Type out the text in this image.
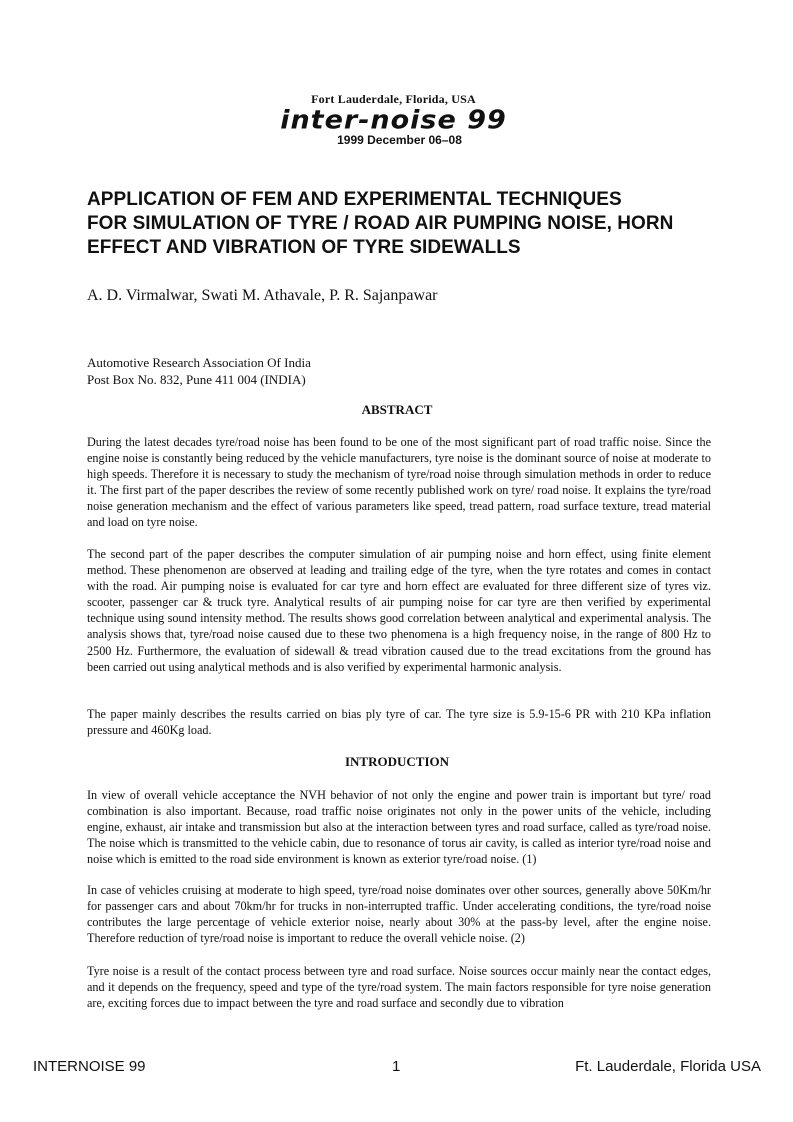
Fort Lauderdale, Florida, USA
inter-noise 99
1999 December 06–08
APPLICATION OF FEM AND EXPERIMENTAL TECHNIQUES
FOR SIMULATION OF TYRE / ROAD AIR PUMPING NOISE, HORN
EFFECT AND VIBRATION OF TYRE SIDEWALLS
A. D. Virmalwar, Swati M. Athavale, P. R. Sajanpawar
Automotive Research Association Of India
Post Box No. 832, Pune 411 004 (INDIA)
ABSTRACT
During the latest decades tyre/road noise has been found to be one of the most significant part of road traffic noise. Since the engine noise is constantly being reduced by the vehicle manufacturers, tyre noise is the dominant source of noise at moderate to high speeds. Therefore it is necessary to study the mechanism of tyre/road noise through simulation methods in order to reduce it. The first part of the paper describes the review of some recently published work on tyre/ road noise. It explains the tyre/road noise generation mechanism and the effect of various parameters like speed, tread pattern, road surface texture, tread material and load on tyre noise.
The second part of the paper describes the computer simulation of air pumping noise and horn effect, using finite element method. These phenomenon are observed at leading and trailing edge of the tyre, when the tyre rotates and comes in contact with the road. Air pumping noise is evaluated for car tyre and horn effect are evaluated for three different size of tyres viz. scooter, passenger car & truck tyre. Analytical results of air pumping noise for car tyre are then verified by experimental technique using sound intensity method. The results shows good correlation between analytical and experimental analysis. The analysis shows that, tyre/road noise caused due to these two phenomena is a high frequency noise, in the range of 800 Hz to 2500 Hz. Furthermore, the evaluation of sidewall & tread vibration caused due to the tread excitations from the ground has been carried out using analytical methods and is also verified by experimental harmonic analysis.
The paper mainly describes the results carried on bias ply tyre of car. The tyre size is 5.9-15-6 PR with 210 KPa inflation pressure and 460Kg load.
INTRODUCTION
In view of overall vehicle acceptance the NVH behavior of not only the engine and power train is important but tyre/ road combination is also important. Because, road traffic noise originates not only in the power units of the vehicle, including engine, exhaust, air intake and transmission but also at the interaction between tyres and road surface, called as tyre/road noise. The noise which is transmitted to the vehicle cabin, due to resonance of torus air cavity, is called as interior tyre/road noise and noise which is emitted to the road side environment is known as exterior tyre/road noise. (1)
In case of vehicles cruising at moderate to high speed, tyre/road noise dominates over other sources, generally above 50Km/hr for passenger cars and about 70km/hr for trucks in non-interrupted traffic. Under accelerating conditions, the tyre/road noise contributes the large percentage of vehicle exterior noise, nearly about 30% at the pass-by level, after the engine noise. Therefore reduction of tyre/road noise is important to reduce the overall vehicle noise. (2)
Tyre noise is a result of the contact process between tyre and road surface. Noise sources occur mainly near the contact edges, and it depends on the frequency, speed and type of the tyre/road system. The main factors responsible for tyre noise generation are, exciting forces due to impact between the tyre and road surface and secondly due to vibration
INTERNOISE 99	1	Ft. Lauderdale, Florida USA
